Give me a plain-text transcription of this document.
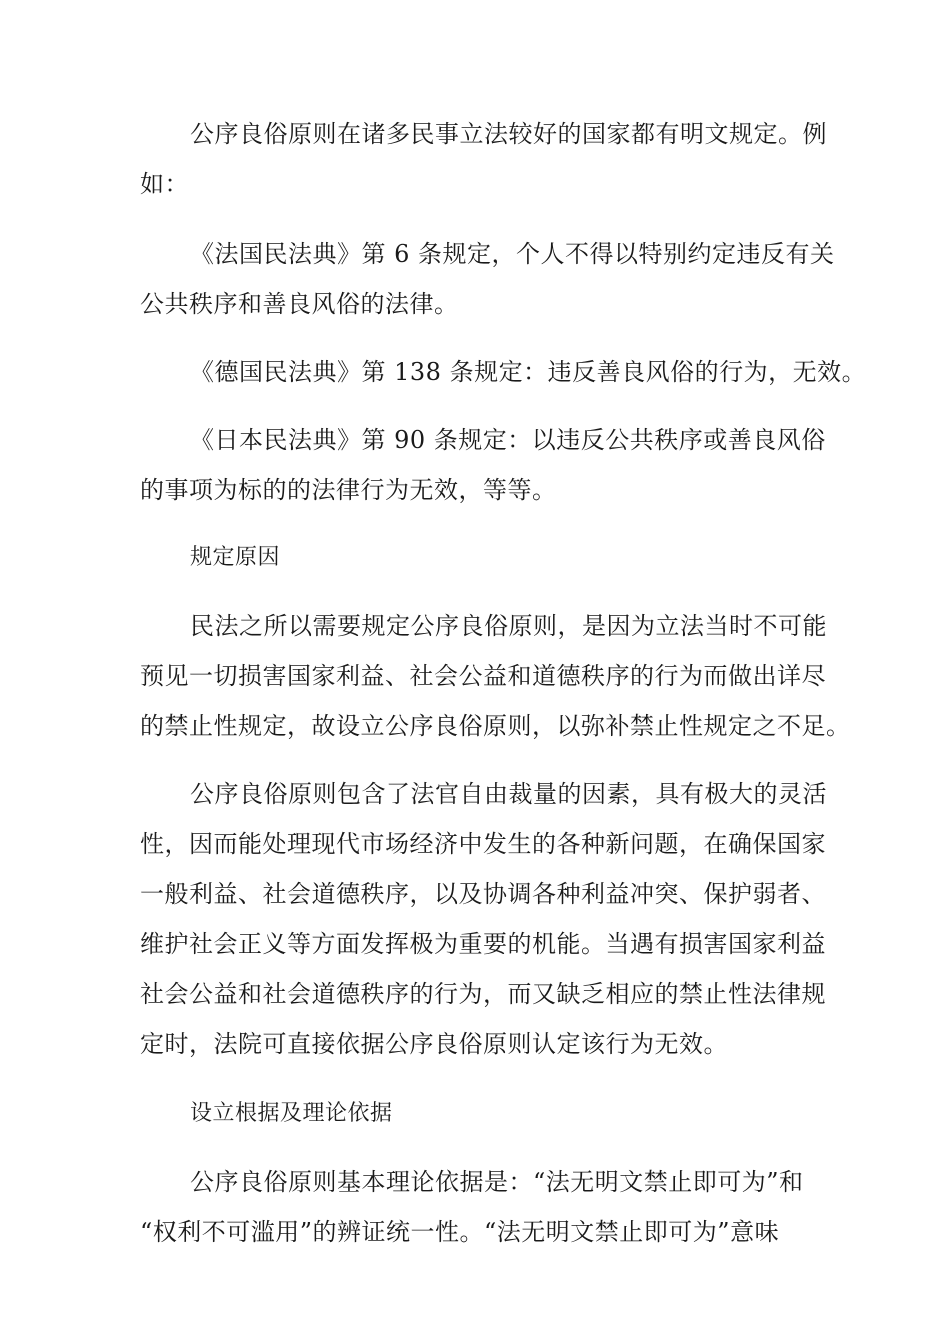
公序良俗原则在诸多民事立法较好的国家都有明文规定。例
如：
《法国民法典》第 6 条规定，个人不得以特别约定违反有关
公共秩序和善良风俗的法律。
《德国民法典》第 138 条规定：违反善良风俗的行为，无效。
《日本民法典》第 90 条规定：以违反公共秩序或善良风俗
的事项为标的的法律行为无效，等等。
规定原因
民法之所以需要规定公序良俗原则，是因为立法当时不可能
预见一切损害国家利益、社会公益和道德秩序的行为而做出详尽
的禁止性规定，故设立公序良俗原则，以弥补禁止性规定之不足。
公序良俗原则包含了法官自由裁量的因素，具有极大的灵活
性，因而能处理现代市场经济中发生的各种新问题，在确保国家
一般利益、社会道德秩序，以及协调各种利益冲突、保护弱者、
维护社会正义等方面发挥极为重要的机能。当遇有损害国家利益
社会公益和社会道德秩序的行为，而又缺乏相应的禁止性法律规
定时，法院可直接依据公序良俗原则认定该行为无效。
设立根据及理论依据
公序良俗原则基本理论依据是：“法无明文禁止即可为”和
“权利不可滥用”的辨证统一性。“法无明文禁止即可为”意味
